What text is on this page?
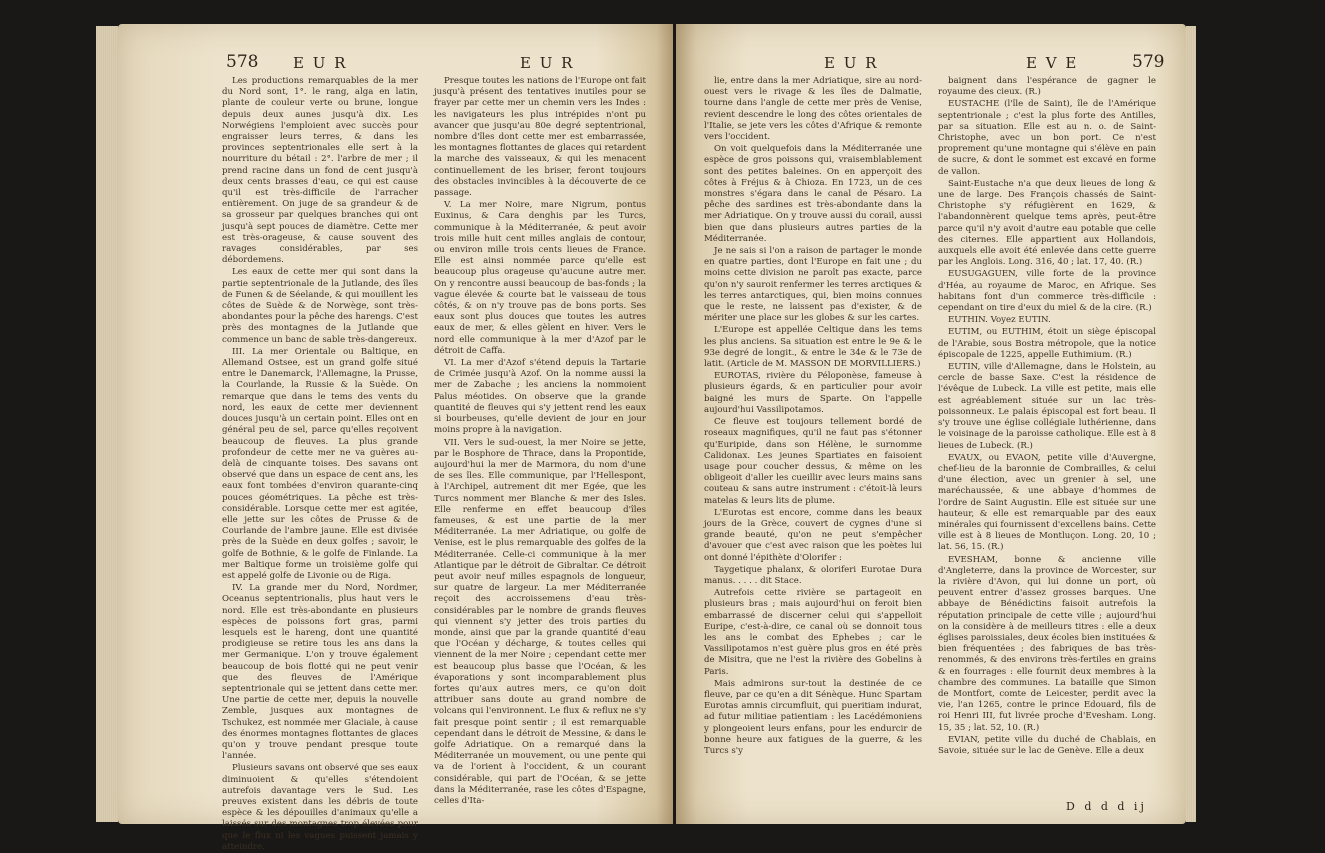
578 E U R	E U R

Les productions remarquables de la mer du Nord sont, 1°. le rang, alga en latin, plante de couleur verte ou brune, longue depuis deux aunes jusqu'à dix. Les Norwégiens l'emploient avec succès pour engraisser leurs terres, & dans les provinces septentrionales elle sert à la nourriture du bétail : 2°. l'arbre de mer ; il prend racine dans un fond de cent jusqu'à deux cents brasses d'eau, ce qui est cause qu'il est très-difficile de l'arracher entièrement. On juge de sa grandeur & de sa grosseur par quelques branches qui ont jusqu'à sept pouces de diamètre. Cette mer est très-orageuse, & cause souvent des ravages considérables, par ses débordemens.

Les eaux de cette mer qui sont dans la partie septentrionale de la Jutlande, des îles de Funen & de Séelande, & qui mouillent les côtes de Suède & de Norwège, sont très-abondantes pour la pêche des harengs. C'est près des montagnes de la Jutlande que commence un banc de sable très-dangereux.

III. La mer Orientale ou Baltique, en Allemand Ostsee, est un grand golfe situé entre le Danemarck, l'Allemagne, la Prusse, la Courlande, la Russie & la Suède. On remarque que dans le tems des vents du nord, les eaux de cette mer deviennent douces jusqu'à un certain point. Elles ont en général peu de sel, parce qu'elles reçoivent beaucoup de fleuves. La plus grande profondeur de cette mer ne va guères au-delà de cinquante toises. Des savans ont observé que dans un espace de cent ans, les eaux font tombées d'environ quarante-cinq pouces géométriques. La pêche est très-considérable. Lorsque cette mer est agitée, elle jette sur les côtes de Prusse & de Courlande de l'ambre jaune. Elle est divisée près de la Suède en deux golfes ; savoir, le golfe de Bothnie, & le golfe de Finlande. La mer Baltique forme un troisième golfe qui est appelé golfe de Livonie ou de Riga.

IV. La grande mer du Nord, Nordmer, Oceanus septentrionalis, plus haut vers le nord. Elle est très-abondante en plusieurs espèces de poissons fort gras, parmi lesquels est le hareng, dont une quantité prodigieuse se retire tous les ans dans la mer Germanique. L'on y trouve également beaucoup de bois flotté qui ne peut venir que des fleuves de l'Amérique septentrionale qui se jettent dans cette mer. Une partie de cette mer, depuis la nouvelle Zemble, jusques aux montagnes de Tschukez, est nommée mer Glaciale, à cause des énormes montagnes flottantes de glaces qu'on y trouve pendant presque toute l'année.

Plusieurs savans ont observé que ses eaux diminuoient & qu'elles s'étendoient autrefois davantage vers le Sud. Les preuves existent dans les débris de toute espèce & les dépouilles d'animaux qu'elle a laissés sur des montagnes trop élevées pour que le flux ni les vagues puissent jamais y atteindre.

Presque toutes les nations de l'Europe ont fait jusqu'à présent des tentatives inutiles pour se frayer par cette mer un chemin vers les Indes : les navigateurs les plus intrépides n'ont pu avancer que jusqu'au 80e degré septentrional, nombre d'îles dont cette mer est embarrassée, les montagnes flottantes de glaces qui retardent la marche des vaisseaux, & qui les menacent continuellement de les briser, feront toujours des obstacles invincibles à la découverte de ce passage.

V. La mer Noire, mare Nigrum, pontus Euxinus, & Cara denghis par les Turcs, communique à la Méditerranée, & peut avoir trois mille huit cent milles anglais de contour, ou environ mille trois cents lieues de France. Elle est ainsi nommée parce qu'elle est beaucoup plus orageuse qu'aucune autre mer. On y rencontre aussi beaucoup de bas-fonds ; la vague élevée & courte bat le vaisseau de tous côtés, & on n'y trouve pas de bons ports. Ses eaux sont plus douces que toutes les autres eaux de mer, & elles gèlent en hiver. Vers le nord elle communique à la mer d'Azof par le détroit de Caffa.

VI. La mer d'Azof s'étend depuis la Tartarie de Crimée jusqu'à Azof. On la nomme aussi la mer de Zabache ; les anciens la nommoient Palus méotides. On observe que la grande quantité de fleuves qui s'y jettent rend les eaux si bourbeuses, qu'elle devient de jour en jour moins propre à la navigation.

VII. Vers le sud-ouest, la mer Noire se jette, par le Bosphore de Thrace, dans la Propontide, aujourd'hui la mer de Marmora, du nom d'une de ses îles. Elle communique, par l'Hellespont, à l'Archipel, autrement dit mer Egée, que les Turcs nomment mer Blanche & mer des Isles. Elle renferme en effet beaucoup d'îles fameuses, & est une partie de la mer Méditerranée. La mer Adriatique, ou golfe de Venise, est le plus remarquable des golfes de la Méditerranée. Celle-ci communique à la mer Atlantique par le détroit de Gibraltar. Ce détroit peut avoir neuf milles espagnols de longueur, sur quatre de largeur. La mer Méditerranée reçoit des accroissemens d'eau très-considérables par le nombre de grands fleuves qui viennent s'y jetter des trois parties du monde, ainsi que par la grande quantité d'eau que l'Océan y décharge, & toutes celles qui viennent de la mer Noire ; cependant cette mer est beaucoup plus basse que l'Océan, & les évaporations y sont incomparablement plus fortes qu'aux autres mers, ce qu'on doit attribuer sans doute au grand nombre de volcans qui l'environnent. Le flux & reflux ne s'y fait presque point sentir ; il est remarquable cependant dans le détroit de Messine, & dans le golfe Adriatique. On a remarqué dans la Méditerranée un mouvement, ou une pente qui va de l'orient à l'occident, & un courant considérable, qui part de l'Océan, & se jette dans la Méditerranée, rase les côtes d'Espagne, celles d'Ita-

E U R	E V E	579

lie, entre dans la mer Adriatique, sire au nord-ouest vers le rivage & les îles de Dalmatie, tourne dans l'angle de cette mer près de Venise, revient descendre le long des côtes orientales de l'Italie, se jete vers les côtes d'Afrique & remonte vers l'occident.

On voit quelquefois dans la Méditerranée une espèce de gros poissons qui, vraisemblablement sont des petites baleines. On en apperçoit des côtes à Fréjus & à Chioza. En 1723, un de ces monstres s'égara dans le canal de Pésaro. La pêche des sardines est très-abondante dans la mer Adriatique. On y trouve aussi du corail, aussi bien que dans plusieurs autres parties de la Méditerranée.

Je ne sais si l'on a raison de partager le monde en quatre parties, dont l'Europe en fait une ; du moins cette division ne paroît pas exacte, parce qu'on n'y sauroit renfermer les terres arctiques & les terres antarctiques, qui, bien moins connues que le reste, ne laissent pas d'exister, & de mériter une place sur les globes & sur les cartes.

L'Europe est appellée Celtique dans les tems les plus anciens. Sa situation est entre le 9e & le 93e degré de longit., & entre le 34e & le 73e de latit. (Article de M. MASSON DE MORVILLIERS.)

EUROTAS, rivière du Péloponèse, fameuse à plusieurs égards, & en particulier pour avoir baigné les murs de Sparte. On l'appelle aujourd'hui Vassilipotamos.

Ce fleuve est toujours tellement bordé de roseaux magnifiques, qu'il ne faut pas s'étonner qu'Euripide, dans son Hélène, le surnomme Calidonax. Les jeunes Spartiates en faisoient usage pour coucher dessus, & même on les obligeoit d'aller les cueillir avec leurs mains sans couteau & sans autre instrument : c'étoit-là leurs matelas & leurs lits de plume.

L'Eurotas est encore, comme dans les beaux jours de la Grèce, couvert de cygnes d'une si grande beauté, qu'on ne peut s'empêcher d'avouer que c'est avec raison que les poètes lui ont donné l'épithète d'Olorifer :

Taygetique phalanx, & oloriferi Eurotae Dura manus. . . . . dit Stace.

Autrefois cette rivière se partageoit en plusieurs bras ; mais aujourd'hui on feroit bien embarrassé de discerner celui qui s'appelloit Euripe, c'est-à-dire, ce canal où se donnoit tous les ans le combat des Ephebes ; car le Vassilipotamos n'est guère plus gros en été près de Misitra, que ne l'est la rivière des Gobelins à Paris.

Mais admirons sur-tout la destinée de ce fleuve, par ce qu'en a dit Sénèque. Hunc Spartam Eurotas amnis circumfluit, qui pueritiam indurat, ad futur militiae patientiam : les Lacédémoniens y plongeoient leurs enfans, pour les endurcir de bonne heure aux fatigues de la guerre, & les Turcs s'y

baignent dans l'espérance de gagner le royaume des cieux. (R.)

EUSTACHE (l'île de Saint), île de l'Amérique septentrionale ; c'est la plus forte des Antilles, par sa situation. Elle est au n. o. de Saint-Christophe, avec un bon port. Ce n'est proprement qu'une montagne qui s'élève en pain de sucre, & dont le sommet est excavé en forme de vallon.

Saint-Eustache n'a que deux lieues de long & une de large. Des François chassés de Saint-Christophe s'y réfugièrent en 1629, & l'abandonnèrent quelque tems après, peut-être parce qu'il n'y avoit d'autre eau potable que celle des citernes. Elle appartient aux Hollandois, auxquels elle avoit été enlevée dans cette guerre par les Anglois. Long. 316, 40 ; lat. 17, 40. (R.)

EUSUGAGUEN, ville forte de la province d'Héa, au royaume de Maroc, en Afrique. Ses habitans font d'un commerce très-difficile : cependant on tire d'eux du miel & de la cire. (R.)

EUTHIN. Voyez EUTIN.

EUTIM, ou EUTHIM, étoit un siège épiscopal de l'Arabie, sous Bostra métropole, que la notice épiscopale de 1225, appelle Euthimium. (R.)

EUTIN, ville d'Allemagne, dans le Holstein, au cercle de basse Saxe. C'est la résidence de l'évêque de Lubeck. La ville est petite, mais elle est agréablement située sur un lac très-poissonneux. Le palais épiscopal est fort beau. Il s'y trouve une église collégiale luthérienne, dans le voisinage de la paroisse catholique. Elle est à 8 lieues de Lubeck. (R.)

EVAUX, ou EVAON, petite ville d'Auvergne, chef-lieu de la baronnie de Combrailles, & celui d'une élection, avec un grenier à sel, une maréchaussée, & une abbaye d'hommes de l'ordre de Saint Augustin. Elle est située sur une hauteur, & elle est remarquable par des eaux minérales qui fournissent d'excellens bains. Cette ville est à 8 lieues de Montluçon. Long. 20, 10 ; lat. 56, 15. (R.)

EVESHAM, bonne & ancienne ville d'Angleterre, dans la province de Worcester, sur la rivière d'Avon, qui lui donne un port, où peuvent entrer d'assez grosses barques. Une abbaye de Bénédictins faisoit autrefois la réputation principale de cette ville ; aujourd'hui on la considère à de meilleurs titres : elle a deux églises paroissiales, deux écoles bien instituées & bien fréquentées ; des fabriques de bas très-renommés, & des environs très-fertiles en grains & en fourrages : elle fournit deux membres à la chambre des communes. La bataille que Simon de Montfort, comte de Leicester, perdit avec la vie, l'an 1265, contre le prince Edouard, fils de roi Henri III, fut livrée proche d'Evesham. Long. 15, 35 ; lat. 52, 10. (R.)

EVIAN, petite ville du duché de Chablais, en Savoie, située sur le lac de Genève. Elle a deux

D d d d ij
